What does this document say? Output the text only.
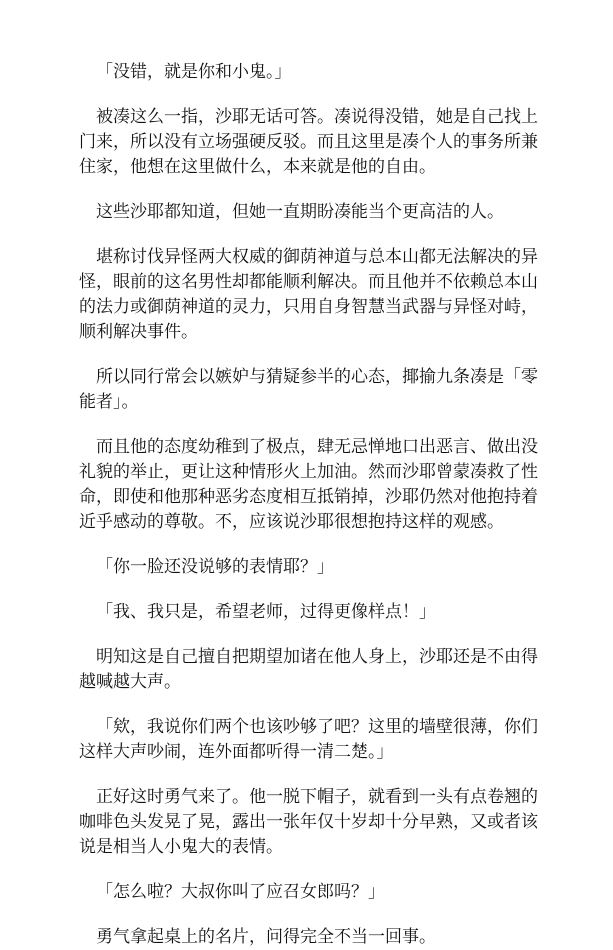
「没错，就是你和小鬼。」

被凑这么一指，沙耶无话可答。凑说得没错，她是自己找上门来，所以没有立场强硬反驳。而且这里是凑个人的事务所兼住家，他想在这里做什么，本来就是他的自由。

这些沙耶都知道，但她一直期盼凑能当个更高洁的人。

堪称讨伐异怪两大权威的御荫神道与总本山都无法解决的异怪，眼前的这名男性却都能顺利解决。而且他并不依赖总本山的法力或御荫神道的灵力，只用自身智慧当武器与异怪对峙，顺利解决事件。

所以同行常会以嫉妒与猜疑参半的心态，揶揄九条凑是「零能者」。

而且他的态度幼稚到了极点，肆无忌惮地口出恶言、做出没礼貌的举止，更让这种情形火上加油。然而沙耶曾蒙凑救了性命，即使和他那种恶劣态度相互抵销掉，沙耶仍然对他抱持着近乎感动的尊敬。不，应该说沙耶很想抱持这样的观感。

「你一脸还没说够的表情耶？」

「我、我只是，希望老师，过得更像样点！」

明知这是自己擅自把期望加诸在他人身上，沙耶还是不由得越喊越大声。

「欸，我说你们两个也该吵够了吧？这里的墙壁很薄，你们这样大声吵闹，连外面都听得一清二楚。」

正好这时勇气来了。他一脱下帽子，就看到一头有点卷翘的咖啡色头发晃了晃，露出一张年仅十岁却十分早熟，又或者该说是相当人小鬼大的表情。

「怎么啦？大叔你叫了应召女郎吗？」

勇气拿起桌上的名片，问得完全不当一回事。
